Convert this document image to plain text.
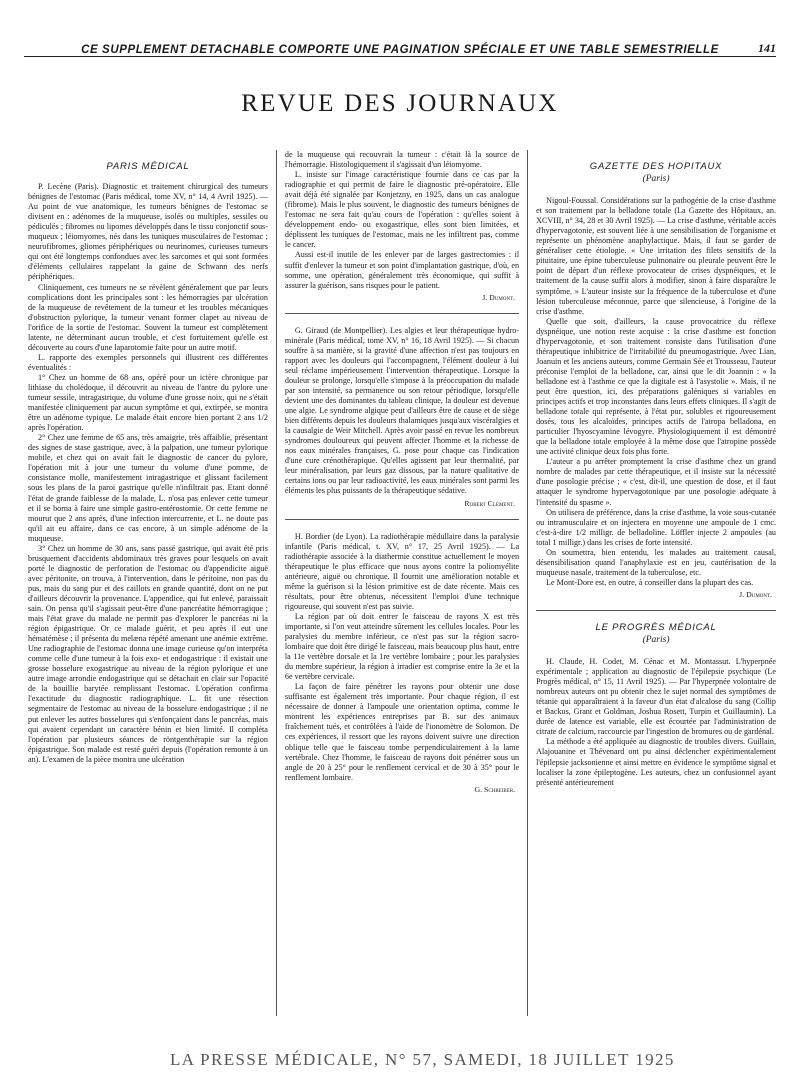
CE SUPPLEMENT DETACHABLE COMPORTE UNE PAGINATION SPÉCIALE ET UNE TABLE SEMESTRIELLE	141
REVUE DES JOURNAUX
PARIS MÉDICAL

P. Lecène (Paris). Diagnostic et traitement chirurgical des tumeurs bénignes de l'estomac (Paris médical, tome XV, n° 14, 4 Avril 1925). — Au point de vue anatomique, les tumeurs bénignes de l'estomac se divisent en : adénomes de la muqueuse, isolés ou multiples, sessiles ou pédiculés ; fibromes ou lipomes développés dans le tissu conjonctif sous-muqueux ; léiomyomes, nés dans les tuniques musculaires de l'estomac ; neurofibromes, gliomes périphériques ou neurinomes, curieuses tumeurs qui ont été longtemps confondues avec les sarcomes et qui sont formées d'éléments cellulaires rappelant la gaine de Schwann des nerfs périphériques.

Cliniquement, ces tumeurs ne se révèlent généralement que par leurs complications dont les principales sont : les hémorragies par ulcération de la muqueuse de revêtement de la tumeur et les troubles mécaniques d'obstruction pylorique, la tumeur venant former clapet au niveau de l'orifice de la sortie de l'estomac. Souvent la tumeur est complètement latente, ne déterminant aucun trouble, et c'est fortuitement qu'elle est découverte au cours d'une laparotomie faite pour un autre motif.

L. rapporte des exemples personnels qui illustrent ces différentes éventualités :

1° Chez un homme de 68 ans, opéré pour un ictère chronique par lithiase du cholédoque, il découvrit au niveau de l'antre du pylore une tumeur sessile, intragastrique, du volume d'une grosse noix, qui ne s'était manifestée cliniquement par aucun symptôme et qui, extirpée, se montra être un adénome typique. Le malade était encore bien portant 2 ans 1/2 après l'opération.

2° Chez une femme de 65 ans, très amaigrie, très affaiblie, présentant des signes de stase gastrique, avec, à la palpation, une tumeur pylorique mobile, et chez qui on avait fait le diagnostic de cancer du pylore, l'opération mit à jour une tumeur du volume d'une pomme, de consistance molle, manifestement intragastrique et glissant facilement sous les plans de la paroi gastrique qu'elle n'infiltrait pas. Etant donné l'état de grande faiblesse de la malade, L. n'osa pas enlever cette tumeur et il se borna à faire une simple gastro-entérostomie. Or cette femme ne mourut que 2 ans après, d'une infection intercurrente, et L. ne doute pas qu'il ait eu affaire, dans ce cas encore, à un simple adénome de la muqueuse.

3° Chez un homme de 30 ans, sans passé gastrique, qui avait été pris brusquement d'accidents abdominaux très graves pour lesquels on avait porté le diagnostic de perforation de l'estomac ou d'appendicite aiguë avec péritonite, on trouva, à l'intervention, dans le péritoine, non pas du pus, mais du sang pur et des caillots en grande quantité, dont on ne put d'ailleurs découvrir la provenance. L'appendice, qui fut enlevé, paraissait sain. On pensa qu'il s'agissait peut-être d'une pancréatite hémorragique ; mais l'état grave du malade ne permit pas d'explorer le pancréas ni la région épigastrique. Or ce malade guérit, et peu après il eut une hématémèse ; il présenta du melæna répété amenant une anémie extrême. Une radiographie de l'estomac donna une image curieuse qu'on interpréta comme celle d'une tumeur à la fois exo- et endogastrique : il existait une grosse bosselure exogastrique au niveau de la région pylorique et une autre image arrondie endogastrique qui se détachait en clair sur l'opacité de la bouillie barytée remplissant l'estomac. L'opération confirma l'exactitude du diagnostic radiographique. L. fit une résection segmentaire de l'estomac au niveau de la bosselure endogastrique ; il ne put enlever les autres bosselures qui s'enfonçaient dans le pancréas, mais qui avaient cependant un caractère bénin et bien limité. Il compléta l'opération par plusieurs séances de röntgenthérapie sur la région épigastrique. Son malade est resté guéri depuis (l'opération remonte à un an). L'examen de la pièce montra une ulcération

de la muqueuse qui recouvrait la tumeur : c'était là la source de l'hémorragie. Histologiquement il s'agissait d'un léiomyome.

L. insiste sur l'image caractéristique fournie dans ce cas par la radiographie et qui permit de faire le diagnostic pré-opératoire. Elle avait déjà été signalée par Konjetzny, en 1925, dans un cas analogue (fibrome). Mais le plus souvent, le diagnostic des tumeurs bénignes de l'estomac ne sera fait qu'au cours de l'opération : qu'elles soient à développement endo- ou exogastrique, elles sont bien limitées, et déplissent les tuniques de l'estomac, mais ne les infiltrent pas, comme le cancer.

Aussi est-il inutile de les enlever par de larges gastrectomies : il suffit d'enlever la tumeur et son point d'implantation gastrique, d'où, en somme, une opération, généralement très économique, qui suffit à assurer la guérison, sans risques pour le patient.

J. Dumont.

G. Giraud (de Montpellier). Les algies et leur thérapeutique hydro-minérale (Paris médical, tome XV, n° 16, 18 Avril 1925). — Si chacun souffre à sa manière, si la gravité d'une affection n'est pas toujours en rapport avec les douleurs qui l'accompagnent, l'élément douleur à lui seul réclame impérieusement l'intervention thérapeutique. Lorsque la douleur se prolonge, lorsqu'elle s'impose à la préoccupation du malade par son intensité, sa permanence ou son retour périodique, lorsqu'elle devient une des dominantes du tableau clinique, la douleur est devenue une algie. Le syndrome algique peut d'ailleurs être de cause et de siège bien différents depuis les douleurs thalamiques jusqu'aux viscéralgies et la causalgie de Weir Mitchell. Après avoir passé en revue les nombreux syndromes douloureux qui peuvent affecter l'homme et la richesse de nos eaux minérales françaises, G. pose pour chaque cas l'indication d'une cure crénothérapique. Qu'elles agissent par leur thermalité, par leur minéralisation, par leurs gaz dissous, par la nature qualitative de certains ions ou par leur radioactivité, les eaux minérales sont parmi les éléments les plus puissants de la thérapeutique sédative.

Robert Clément.

H. Bordier (de Lyon). La radiothérapie médullaire dans la paralysie infantile (Paris médical, t. XV, n° 17, 25 Avril 1925). — La radiothérapie associée à la diathermie constitue actuellement le moyen thérapeutique le plus efficace que nous ayons contre la poliomyélite antérieure, aiguë ou chronique. Il fournit une amélioration notable et même la guérison si la lésion primitive est de date récente. Mais ces résultats, pour être obtenus, nécessitent l'emploi d'une technique rigoureuse, qui souvent n'est pas suivie.

La région par où doit entrer le faisceau de rayons X est très importante, si l'on veut atteindre sûrement les cellules locales. Pour les paralysies du membre inférieur, ce n'est pas sur la région sacro-lombaire que doit être dirigé le faisceau, mais beaucoup plus haut, entre la 11e vertèbre dorsale et la 1re vertèbre lombaire ; pour les paralysies du membre supérieur, la région à irradier est comprise entre la 3e et la 6e vertèbre cervicale.

La façon de faire pénétrer les rayons pour obtenir une dose suffisante est également très importante. Pour chaque région, il est nécessaire de donner à l'ampoule une orientation optima, comme le montrent les expériences entreprises par B. sur des animaux fraîchement tués, et contrôlées à l'aide de l'ionomètre de Solomon. De ces expériences, il ressort que les rayons doivent suivre une direction oblique telle que le faisceau tombe perpendiculairement à la lame vertébrale. Chez l'homme, le faisceau de rayons doit pénétrer sous un angle de 20 à 25° pour le renflement cervical et de 30 à 35° pour le renflement lombaire.

G. Schreiber.
GAZETTE DES HOPITAUX
(Paris)

Nigoul-Foussal. Considérations sur la pathogénie de la crise d'asthme et son traitement par la belladone totale (La Gazette des Hôpitaux, an. XCVIII, n° 34, 28 et 30 Avril 1925). — La crise d'asthme, véritable accès d'hypervagotonie, est souvent liée à une sensibilisation de l'organisme et représente un phénomène anaphylactique. Mais, il faut se garder de généraliser cette étiologie. « Une irritation des filets sensitifs de la pituitaire, une épine tuberculeuse pulmonaire ou pleurale peuvent être le point de départ d'un réflexe provocateur de crises dyspnéiques, et le traitement de la cause suffit alors à modifier, sinon à faire disparaître le symptôme. » L'auteur insiste sur la fréquence de la tuberculose et d'une lésion tuberculeuse méconnue, parce que silencieuse, à l'origine de la crise d'asthme.

Quelle que soit, d'ailleurs, la cause provocatrice du réflexe dyspnéique, une notion reste acquise : la crise d'asthme est fonction d'hypervagotonie, et son traitement consiste dans l'utilisation d'une thérapeutique inhibitrice de l'irritabilité du pneumogastrique. Avec Lian, Joanuin et les anciens auteurs, comme Germain Sée et Trousseau, l'auteur préconise l'emploi de la belladone, car, ainsi que le dit Joannin : « la belladone est à l'asthme ce que la digitale est à l'asystolie ». Mais, il ne peut être question, ici, des préparations galéniques si variables en principes actifs et trop inconstantes dans leurs effets cliniques. Il s'agit de belladone totale qui représente, à l'état pur, solubles et rigoureusement dosés, tous les alcaloïdes, principes actifs de l'atropa belladona, en particulier l'hyoscyamine lévogyre. Physiologiquement il est démontré que la belladone totale employée à la même dose que l'atropine possède une activité clinique deux fois plus forte.

L'auteur a pu arrêter promptement la crise d'asthme chez un grand nombre de malades par cette thérapeutique, et il insiste sur la nécessité d'une posologie précise ; « c'est, dit-il, une question de dose, et il faut attaquer le syndrome hypervagotonique par une posologie adéquate à l'intensité du spasme ».

On utilisera de préférence, dans la crise d'asthme, la voie sous-cutanée ou intramusculaire et on injectera en moyenne une ampoule de 1 cmc. c'est-à-dire 1/2 milligr. de belladoline. Löffler injecte 2 ampoules (au total 1 milligr.) dans les crises de forte intensité.

On soumettra, bien entendu, les malades au traitement causal, désensibilisation quand l'anaphylaxie est en jeu, cautérisation de la muqueuse nasale, traitement de la tuberculose, etc.

Le Mont-Dore est, en outre, à conseiller dans la plupart des cas.

J. Dumont.
LE PROGRÈS MÉDICAL
(Paris)

H. Claude, H. Codet, M. Cénac et M. Montassut. L'hyperpnée expérimentale ; application au diagnostic de l'épilepsie psychique (Le Progrès médical, n° 15, 11 Avril 1925). — Par l'hyperpnée volontaire de nombreux auteurs ont pu obtenir chez le sujet normal des symptômes de tétanie qui apparaîtraient à la faveur d'un état d'alcalose du sang (Collip et Backus, Grant et Goldman, Joshua Rosett, Turpin et Guillaumin). La durée de latence est variable, elle est écourtée par l'administration de citrate de calcium, raccourcie par l'ingestion de bromures ou de gardénal.

La méthode a été appliquée au diagnostic de troubles divers. Guillain, Alajouanine et Thévenard ont pu ainsi déclencher expérimentalement l'épilepsie jacksonienne et ainsi mettre en évidence le symptôme signal et localiser la zone épileptogène. Les auteurs, chez un confusionnel ayant présenté antérieurement

LA PRESSE MÉDICALE, N° 57, SAMEDI, 18 JUILLET 1925
